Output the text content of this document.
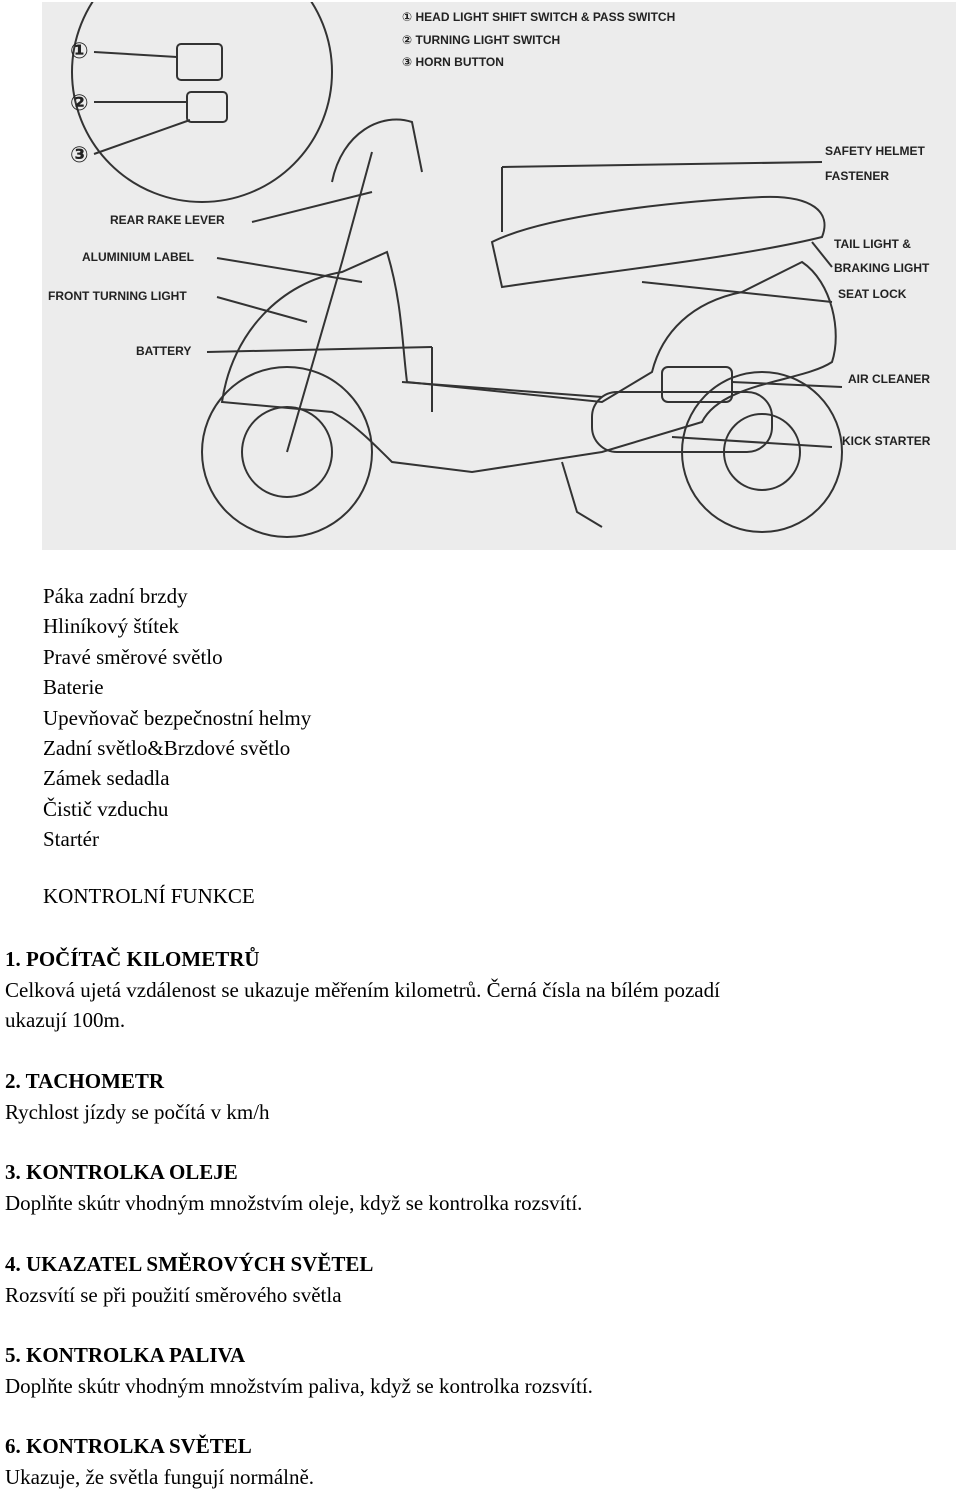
① HEAD LIGHT SHIFT SWITCH & PASS SWITCH
② TURNING LIGHT SWITCH
③ HORN BUTTON
①
②
③
REAR RAKE LEVER
ALUMINIUM LABEL
FRONT TURNING LIGHT
BATTERY
SAFETY HELMET
FASTENER
TAIL LIGHT &
BRAKING LIGHT
SEAT LOCK
AIR CLEANER
KICK STARTER
Páka zadní brzdy
Hliníkový štítek
Pravé směrové světlo
Baterie
Upevňovač bezpečnostní helmy
Zadní světlo&Brzdové světlo
Zámek sedadla
Čistič vzduchu
Startér
KONTROLNÍ FUNKCE
1. POČÍTAČ KILOMETRŮ
Celková ujetá vzdálenost se ukazuje měřením kilometrů. Černá čísla na bílém pozadí
ukazují 100m.
2. TACHOMETR
Rychlost jízdy se počítá v km/h
3. KONTROLKA OLEJE
Doplňte skútr vhodným množstvím oleje, když se kontrolka rozsvítí.
4. UKAZATEL SMĚROVÝCH SVĚTEL
Rozsvítí se při použití směrového světla
5. KONTROLKA PALIVA
Doplňte skútr vhodným množstvím paliva, když se kontrolka rozsvítí.
6. KONTROLKA SVĚTEL
Ukazuje, že světla fungují normálně.
